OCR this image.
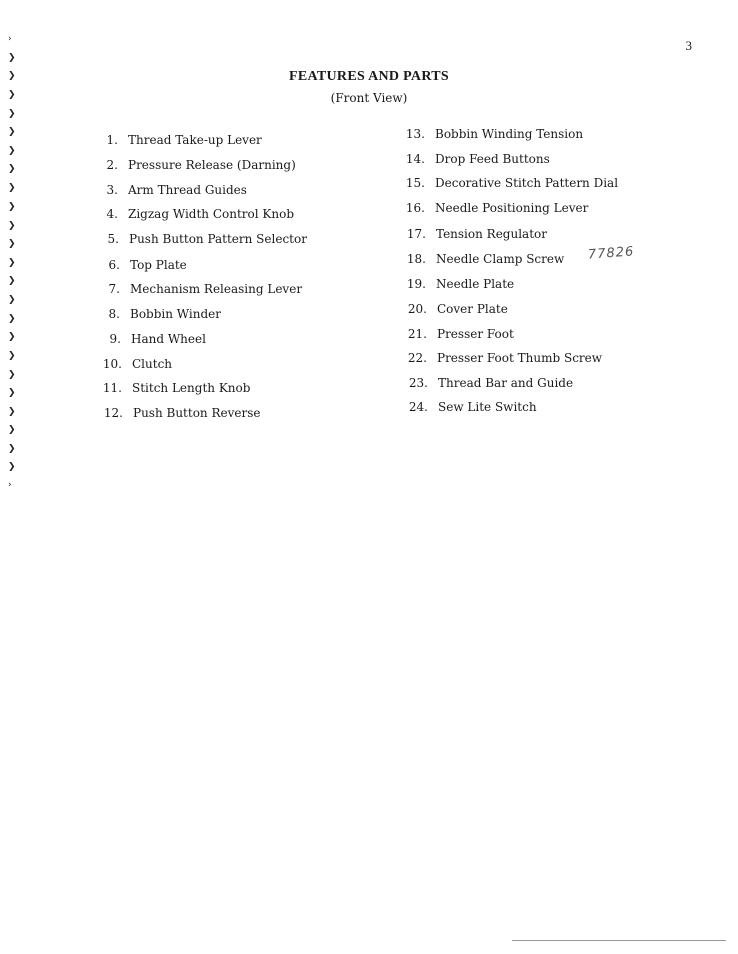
›
❯
❯
❯
❯
❯
❯
❯
❯
❯
❯
❯
❯
❯
❯
❯
❯
❯
❯
❯
❯
❯
❯
❯
›
3
FEATURES AND PARTS
(Front View)
1. Thread Take-up Lever
2. Pressure Release (Darning)
3. Arm Thread Guides
4. Zigzag Width Control Knob
5. Push Button Pattern Selector
6. Top Plate
7. Mechanism Releasing Lever
8. Bobbin Winder
9. Hand Wheel
10. Clutch
11. Stitch Length Knob
12. Push Button Reverse
13. Bobbin Winding Tension
14. Drop Feed Buttons
15. Decorative Stitch Pattern Dial
16. Needle Positioning Lever
17. Tension Regulator
18. Needle Clamp Screw
19. Needle Plate
20. Cover Plate
21. Presser Foot
22. Presser Foot Thumb Screw
23. Thread Bar and Guide
24. Sew Lite Switch
77826
